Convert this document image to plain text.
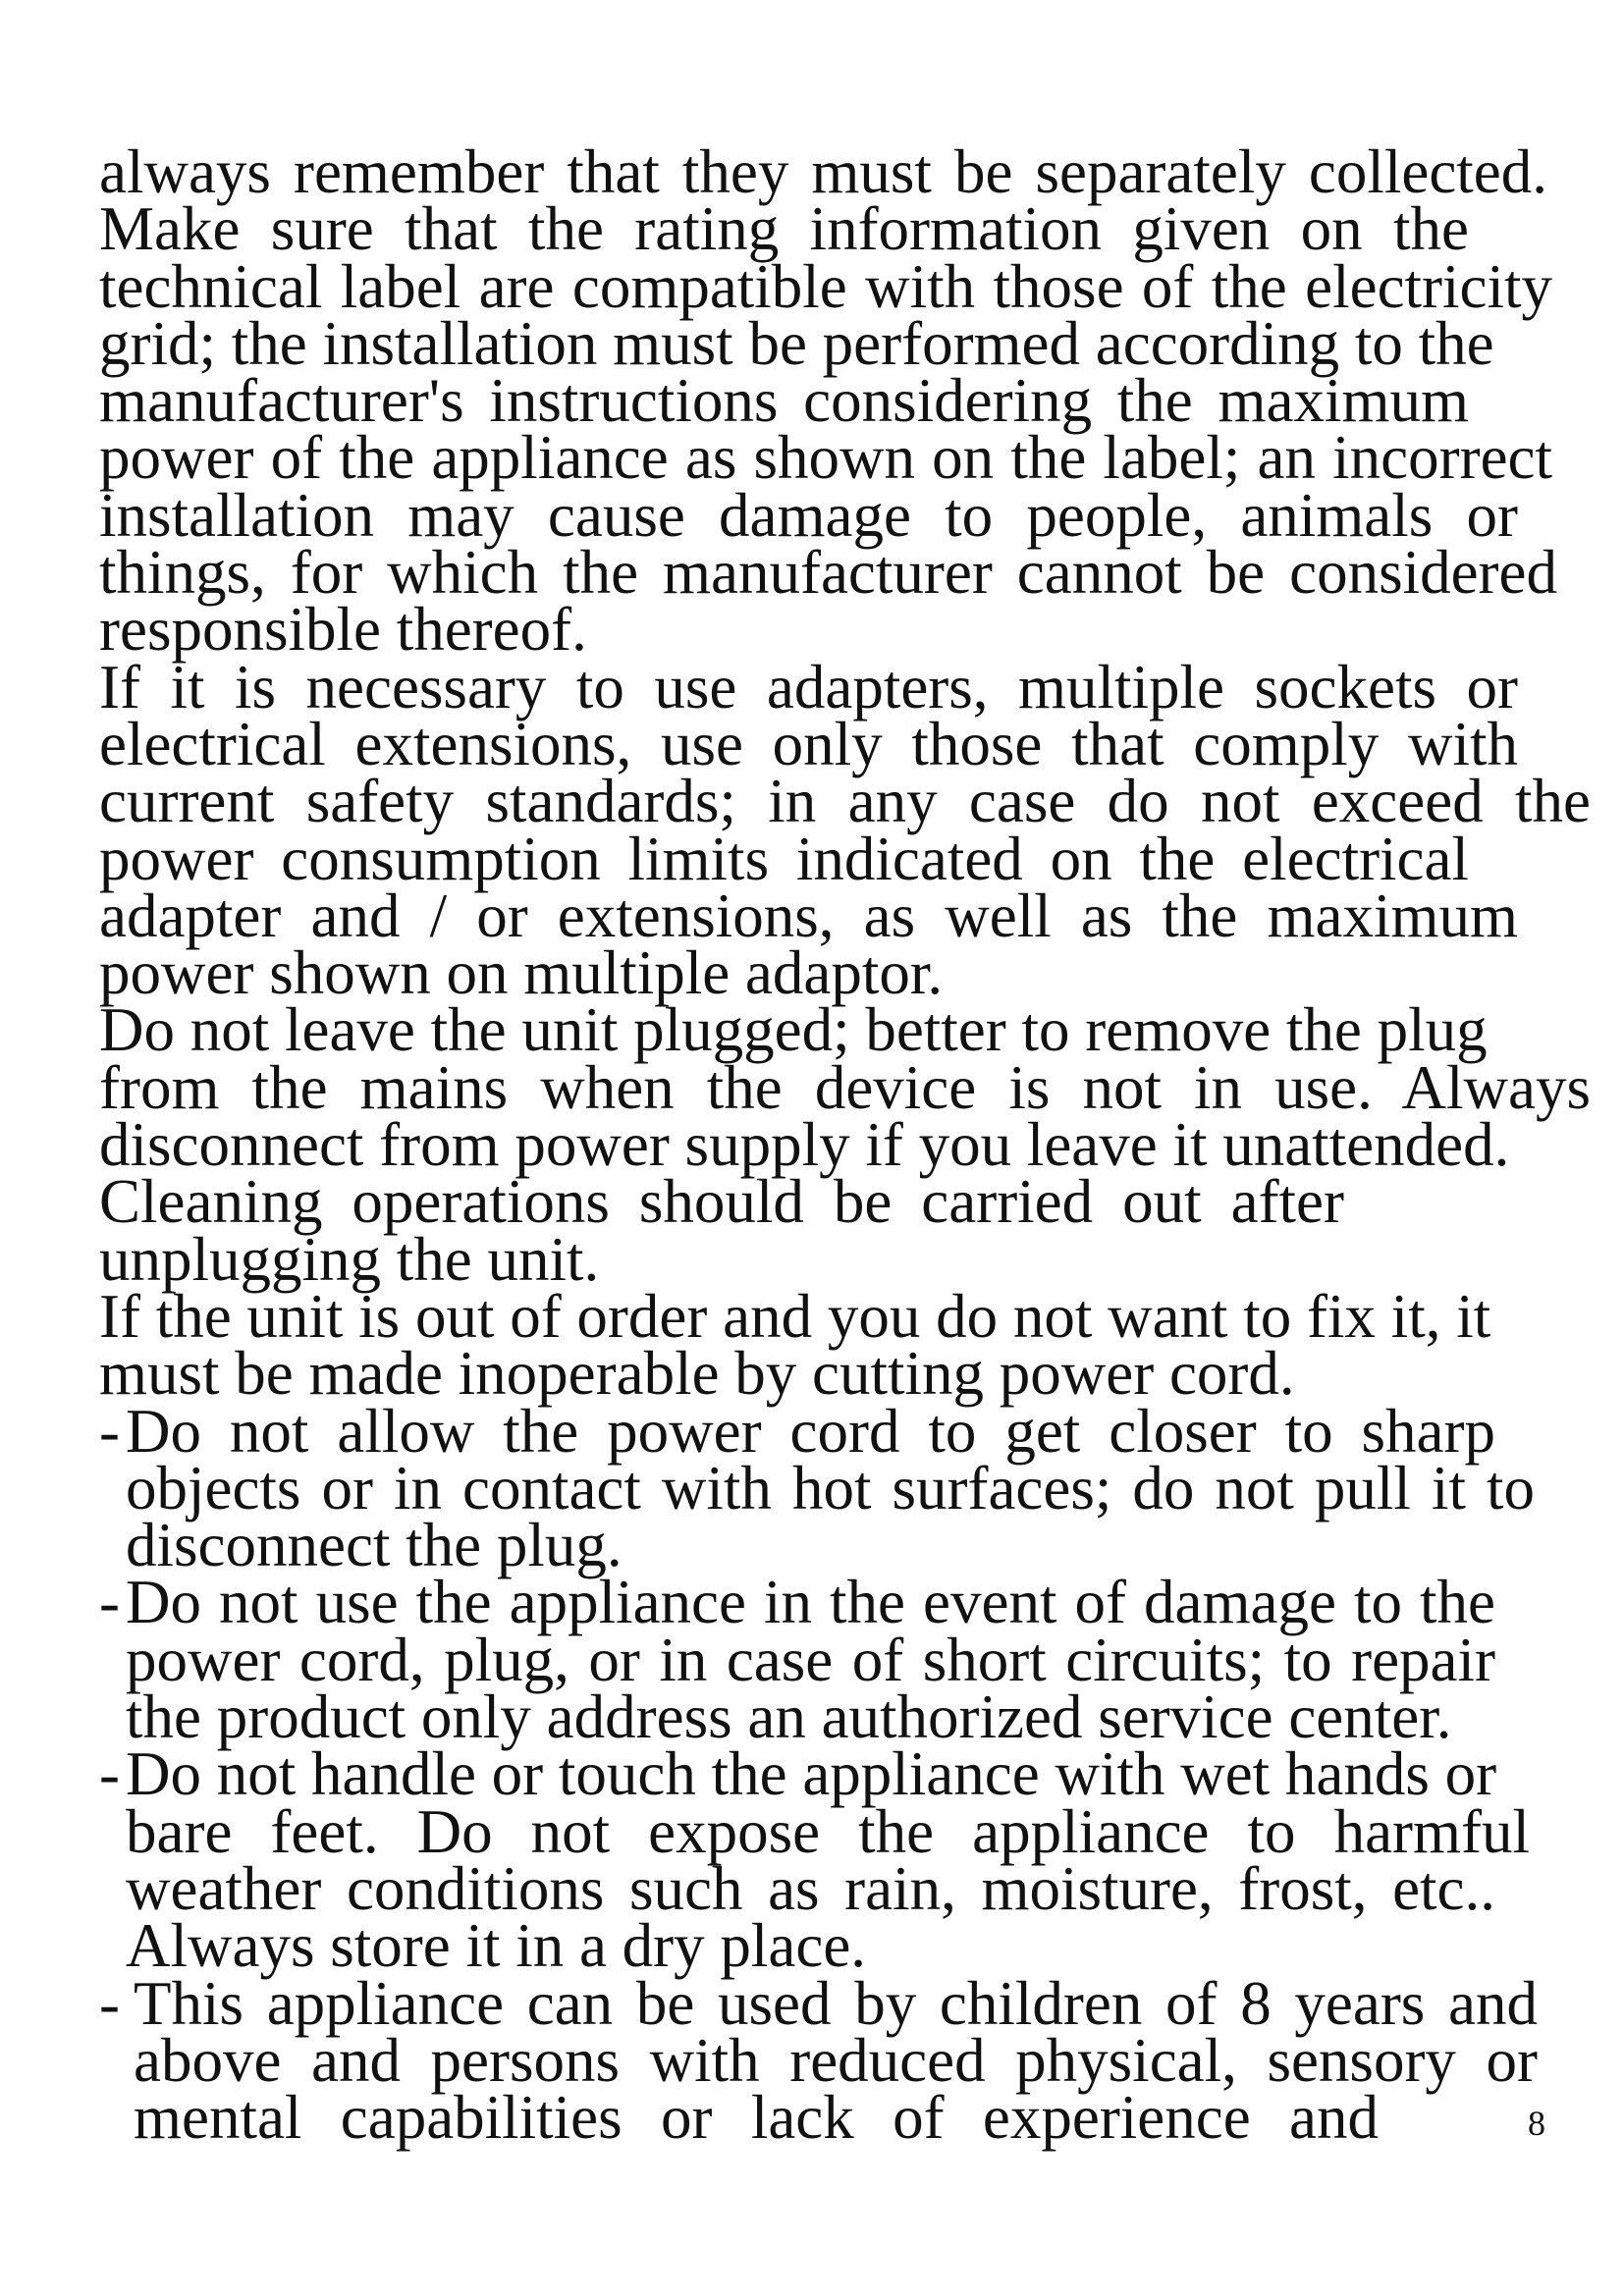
always remember that they must be separately collected.
Make sure that the rating information given on the
technical label are compatible with those of the electricity
grid; the installation must be performed according to the
manufacturer's instructions considering the maximum
power of the appliance as shown on the label; an incorrect
installation may cause damage to people, animals or
things, for which the manufacturer cannot be considered
responsible thereof.
If it is necessary to use adapters, multiple sockets or
electrical extensions, use only those that comply with
current safety standards; in any case do not exceed the
power consumption limits indicated on the electrical
adapter and / or extensions, as well as the maximum
power shown on multiple adaptor.
Do not leave the unit plugged; better to remove the plug
from the mains when the device is not in use. Always
disconnect from power supply if you leave it unattended.
Cleaning operations should be carried out after
unplugging the unit.
If the unit is out of order and you do not want to fix it, it
must be made inoperable by cutting power cord.
- Do not allow the power cord to get closer to sharp
objects or in contact with hot surfaces; do not pull it to
disconnect the plug.
- Do not use the appliance in the event of damage to the
power cord, plug, or in case of short circuits; to repair
the product only address an authorized service center.
- Do not handle or touch the appliance with wet hands or
bare feet. Do not expose the appliance to harmful
weather conditions such as rain, moisture, frost, etc..
Always store it in a dry place.
- This appliance can be used by children of 8 years and
above and persons with reduced physical, sensory or
mental capabilities or lack of experience and	8
